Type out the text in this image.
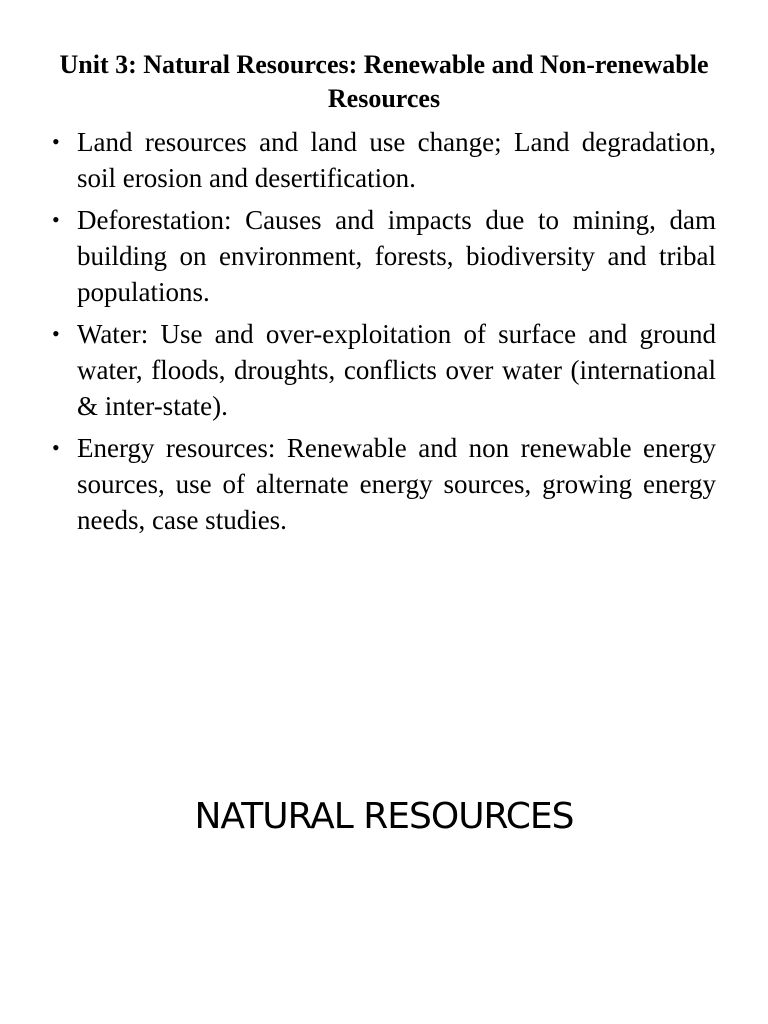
Unit 3: Natural Resources: Renewable and Non-renewable Resources
• Land resources and land use change; Land degradation, soil erosion and desertification.
• Deforestation: Causes and impacts due to mining, dam building on environment, forests, biodiversity and tribal populations.
• Water: Use and over-exploitation of surface and ground water, floods, droughts, conflicts over water (international & inter-state).
• Energy resources: Renewable and non renewable energy sources, use of alternate energy sources, growing energy needs, case studies.
NATURAL RESOURCES
